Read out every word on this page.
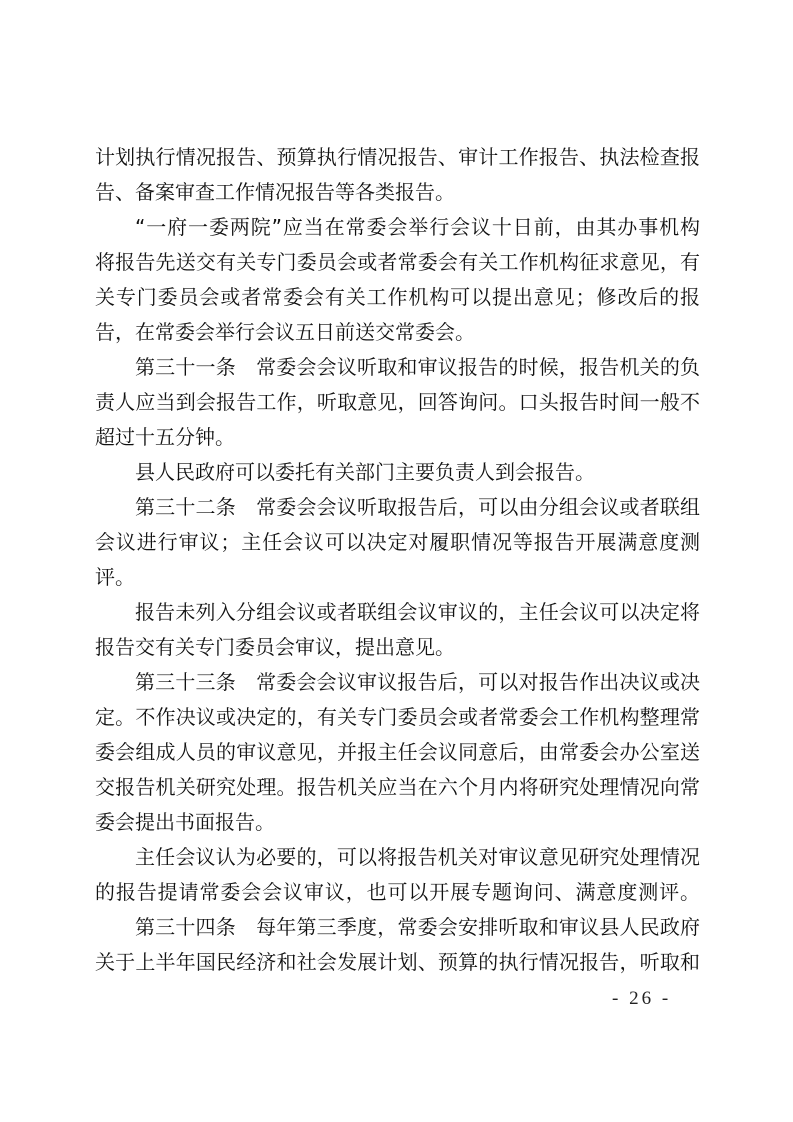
计划执行情况报告、预算执行情况报告、审计工作报告、执法检查报
告、备案审查工作情况报告等各类报告。
“一府一委两院”应当在常委会举行会议十日前，由其办事机构
将报告先送交有关专门委员会或者常委会有关工作机构征求意见，有
关专门委员会或者常委会有关工作机构可以提出意见；修改后的报
告，在常委会举行会议五日前送交常委会。
第三十一条　常委会会议听取和审议报告的时候，报告机关的负
责人应当到会报告工作，听取意见，回答询问。口头报告时间一般不
超过十五分钟。
县人民政府可以委托有关部门主要负责人到会报告。
第三十二条　常委会会议听取报告后，可以由分组会议或者联组
会议进行审议；主任会议可以决定对履职情况等报告开展满意度测
评。
报告未列入分组会议或者联组会议审议的，主任会议可以决定将
报告交有关专门委员会审议，提出意见。
第三十三条　常委会会议审议报告后，可以对报告作出决议或决
定。不作决议或决定的，有关专门委员会或者常委会工作机构整理常
委会组成人员的审议意见，并报主任会议同意后，由常委会办公室送
交报告机关研究处理。报告机关应当在六个月内将研究处理情况向常
委会提出书面报告。
主任会议认为必要的，可以将报告机关对审议意见研究处理情况
的报告提请常委会会议审议，也可以开展专题询问、满意度测评。
第三十四条　每年第三季度，常委会安排听取和审议县人民政府
关于上半年国民经济和社会发展计划、预算的执行情况报告，听取和
- 26 -
